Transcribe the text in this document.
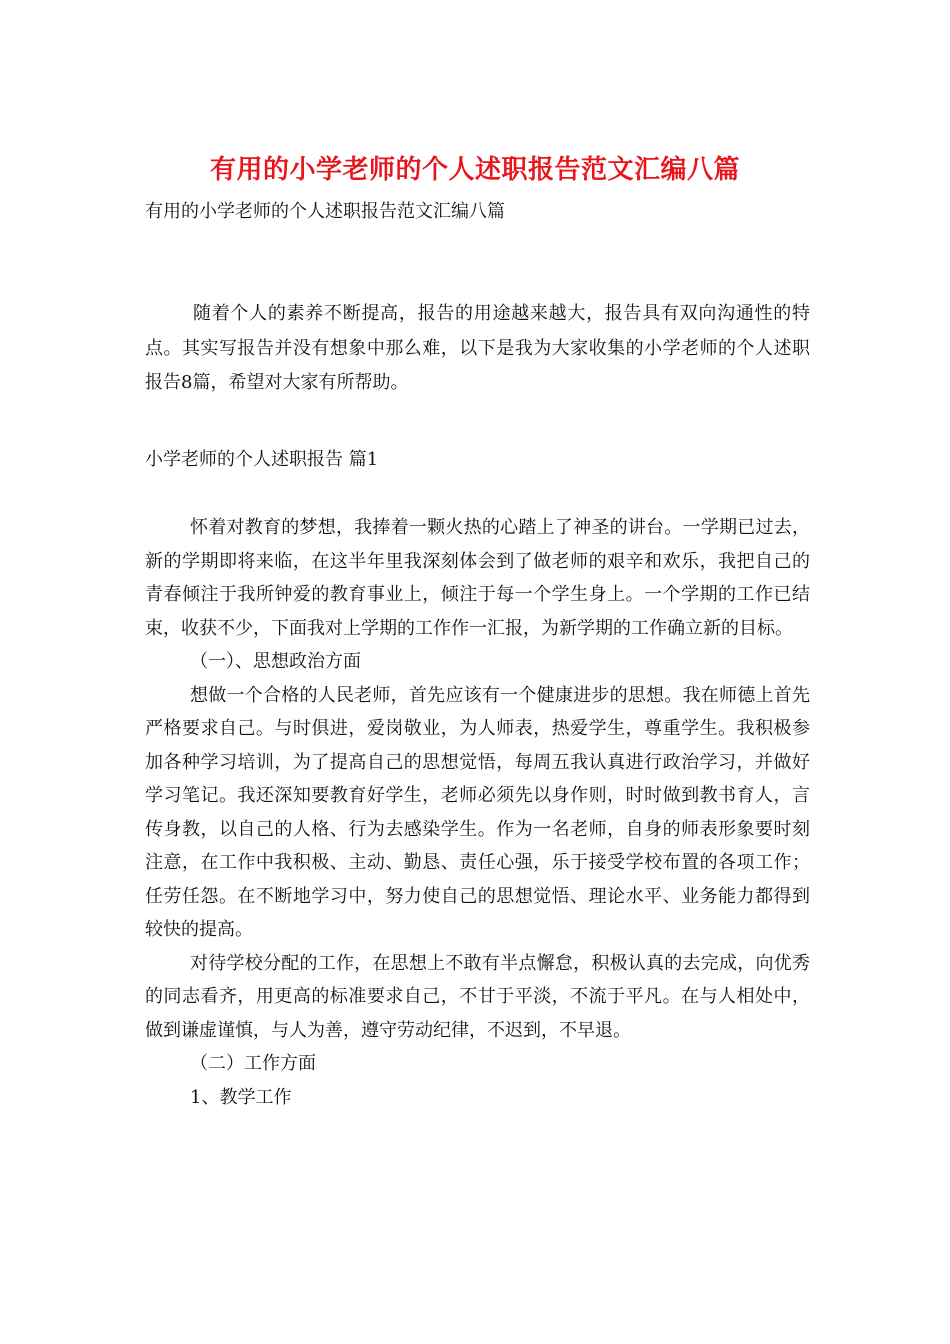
有用的小学老师的个人述职报告范文汇编八篇
有用的小学老师的个人述职报告范文汇编八篇

随着个人的素养不断提高，报告的用途越来越大，报告具有双向沟通性的特点。其实写报告并没有想象中那么难，以下是我为大家收集的小学老师的个人述职报告8篇，希望对大家有所帮助。

小学老师的个人述职报告 篇1

怀着对教育的梦想，我捧着一颗火热的心踏上了神圣的讲台。一学期已过去，新的学期即将来临，在这半年里我深刻体会到了做老师的艰辛和欢乐，我把自己的青春倾注于我所钟爱的教育事业上，倾注于每一个学生身上。一个学期的工作已结束，收获不少，下面我对上学期的工作作一汇报，为新学期的工作确立新的目标。

（一）、思想政治方面

想做一个合格的人民老师，首先应该有一个健康进步的思想。我在师德上首先严格要求自己。与时俱进，爱岗敬业，为人师表，热爱学生，尊重学生。我积极参加各种学习培训，为了提高自己的思想觉悟，每周五我认真进行政治学习，并做好学习笔记。我还深知要教育好学生，老师必须先以身作则，时时做到教书育人，言传身教，以自己的人格、行为去感染学生。作为一名老师，自身的师表形象要时刻注意，在工作中我积极、主动、勤恳、责任心强，乐于接受学校布置的各项工作；任劳任怨。在不断地学习中，努力使自己的思想觉悟、理论水平、业务能力都得到较快的提高。

对待学校分配的工作，在思想上不敢有半点懈怠，积极认真的去完成，向优秀的同志看齐，用更高的标准要求自己，不甘于平淡，不流于平凡。在与人相处中，做到谦虚谨慎，与人为善，遵守劳动纪律，不迟到，不早退。

（二）工作方面

1、教学工作
